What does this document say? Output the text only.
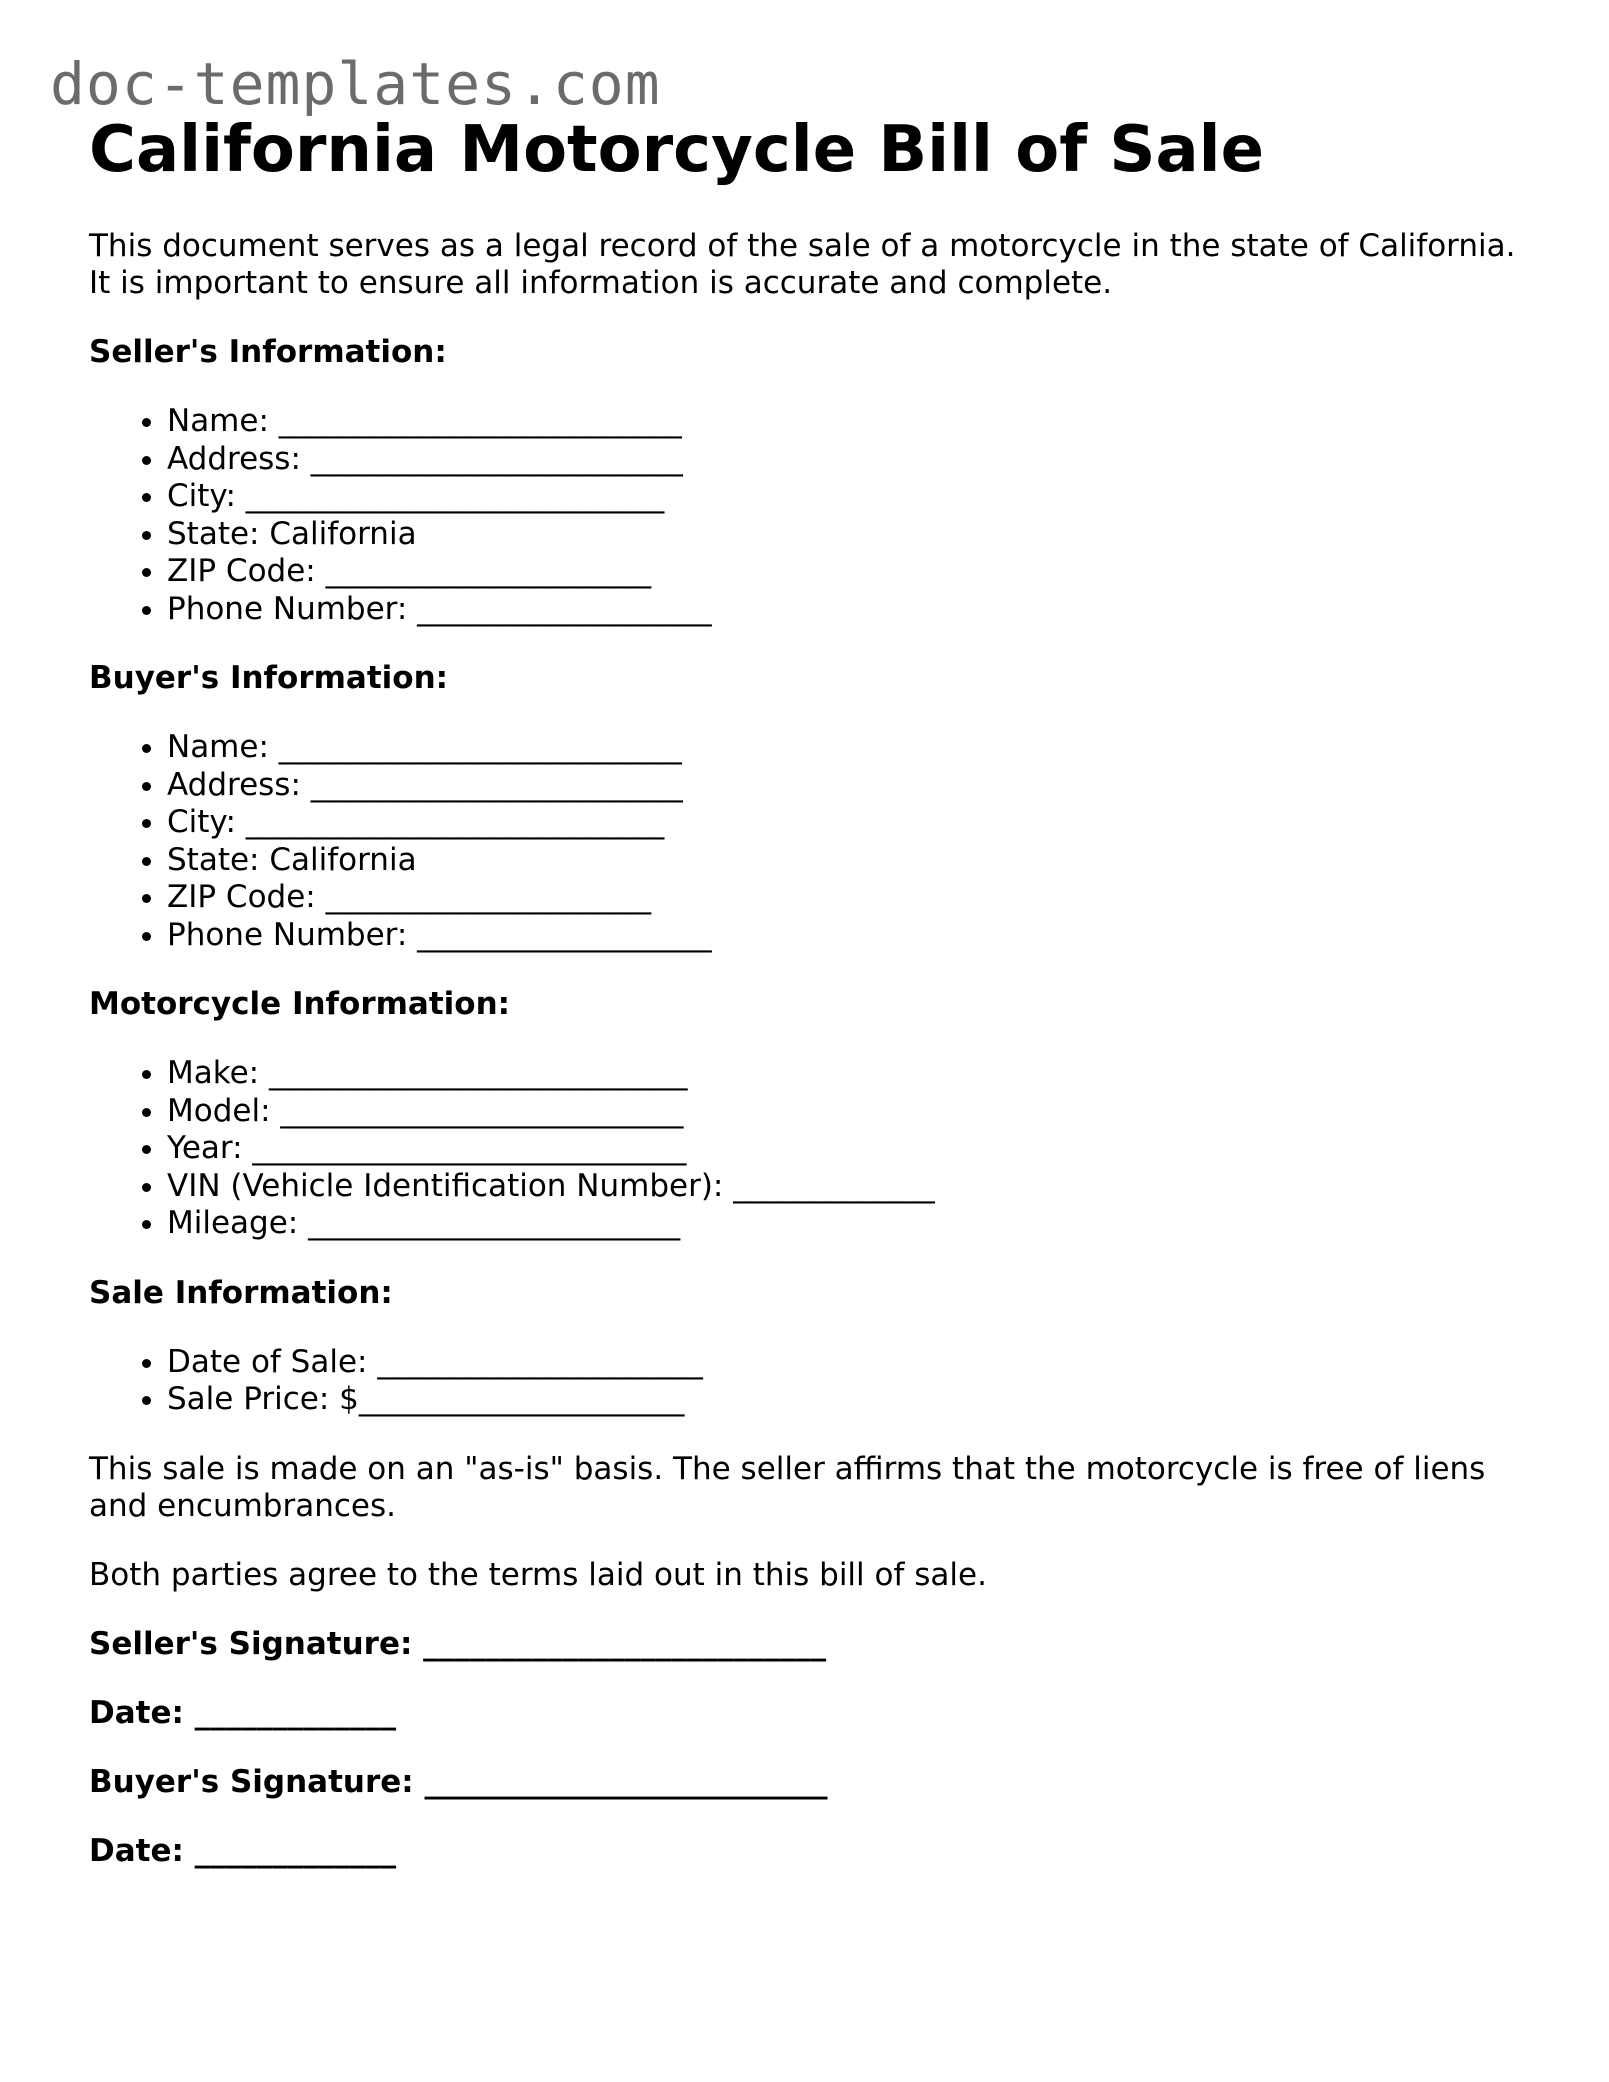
doc-templates.com
California Motorcycle Bill of Sale

This document serves as a legal record of the sale of a motorcycle in the state of California. It is important to ensure all information is accurate and complete.

Seller's Information:
• Name: __________________________
• Address: ________________________
• City: ___________________________
• State: California
• ZIP Code: _____________________
• Phone Number: ___________________
Buyer's Information:
• Name: __________________________
• Address: ________________________
• City: ___________________________
• State: California
• ZIP Code: _____________________
• Phone Number: ___________________
Motorcycle Information:
• Make: ___________________________
• Model: __________________________
• Year: ____________________________
• VIN (Vehicle Identification Number): _____________
• Mileage: ________________________
Sale Information:
• Date of Sale: _____________________
• Sale Price: $_____________________

This sale is made on an "as-is" basis. The seller affirms that the motorcycle is free of liens and encumbrances.

Both parties agree to the terms laid out in this bill of sale.

Seller's Signature: __________________________
Date: _____________
Buyer's Signature: __________________________
Date: _____________
